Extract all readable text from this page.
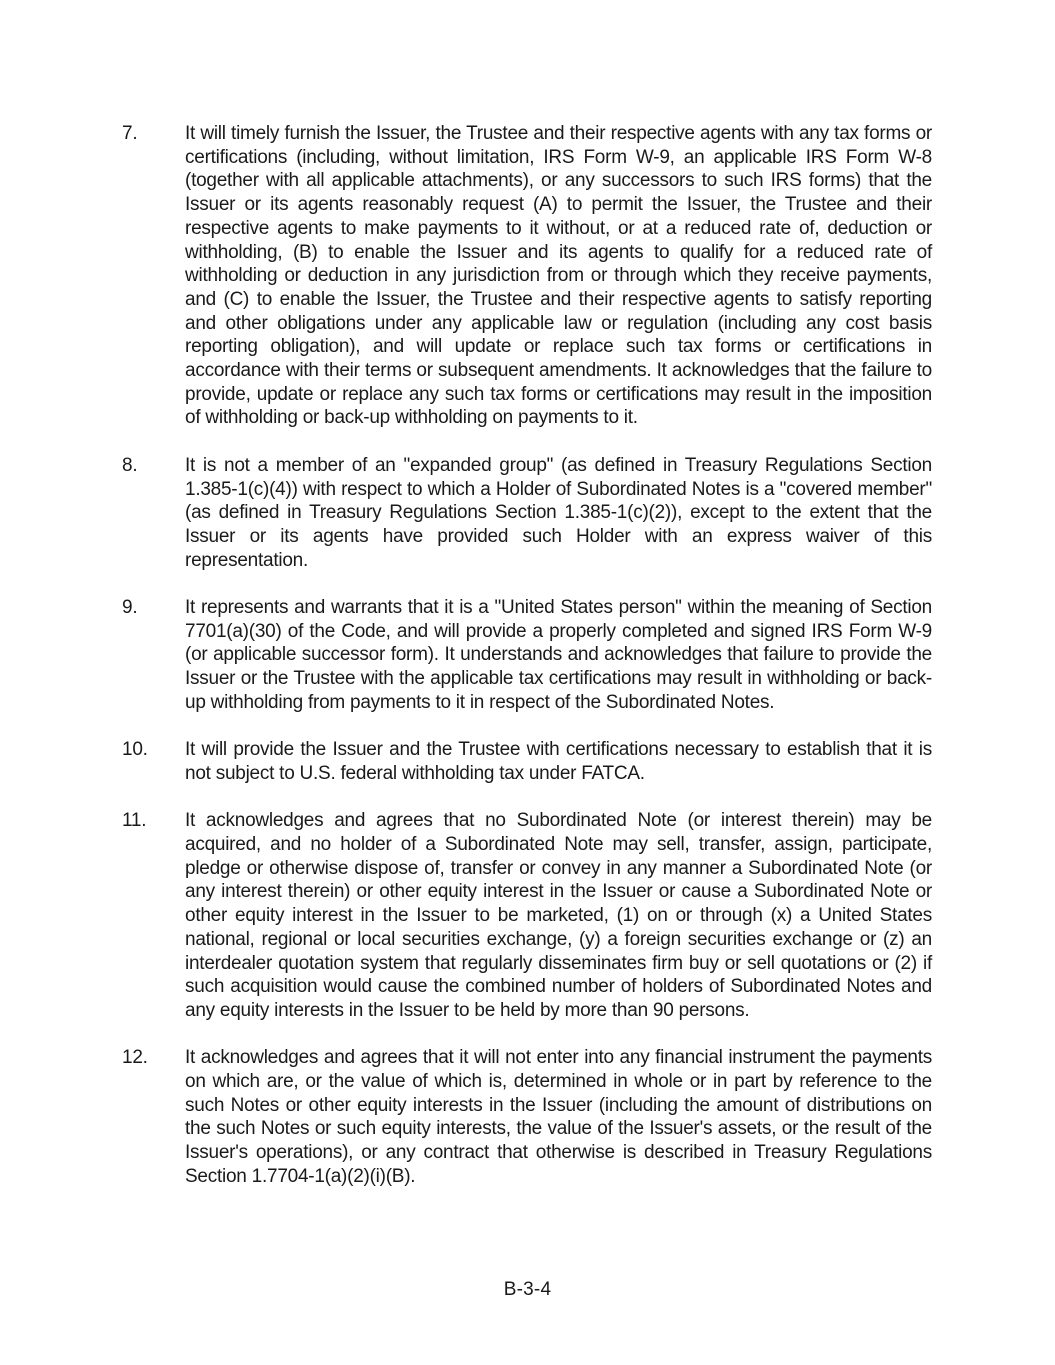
7.	It will timely furnish the Issuer, the Trustee and their respective agents with any tax forms or certifications (including, without limitation, IRS Form W-9, an applicable IRS Form W-8 (together with all applicable attachments), or any successors to such IRS forms) that the Issuer or its agents reasonably request (A) to permit the Issuer, the Trustee and their respective agents to make payments to it without, or at a reduced rate of, deduction or withholding, (B) to enable the Issuer and its agents to qualify for a reduced rate of withholding or deduction in any jurisdiction from or through which they receive payments, and (C) to enable the Issuer, the Trustee and their respective agents to satisfy reporting and other obligations under any applicable law or regulation (including any cost basis reporting obligation), and will update or replace such tax forms or certifications in accordance with their terms or subsequent amendments. It acknowledges that the failure to provide, update or replace any such tax forms or certifications may result in the imposition of withholding or back-up withholding on payments to it.
8.	It is not a member of an "expanded group" (as defined in Treasury Regulations Section 1.385-1(c)(4)) with respect to which a Holder of Subordinated Notes is a "covered member" (as defined in Treasury Regulations Section 1.385-1(c)(2)), except to the extent that the Issuer or its agents have provided such Holder with an express waiver of this representation.
9.	It represents and warrants that it is a "United States person" within the meaning of Section 7701(a)(30) of the Code, and will provide a properly completed and signed IRS Form W-9 (or applicable successor form). It understands and acknowledges that failure to provide the Issuer or the Trustee with the applicable tax certifications may result in withholding or back-up withholding from payments to it in respect of the Subordinated Notes.
10. It will provide the Issuer and the Trustee with certifications necessary to establish that it is not subject to U.S. federal withholding tax under FATCA.
11. It acknowledges and agrees that no Subordinated Note (or interest therein) may be acquired, and no holder of a Subordinated Note may sell, transfer, assign, participate, pledge or otherwise dispose of, transfer or convey in any manner a Subordinated Note (or any interest therein) or other equity interest in the Issuer or cause a Subordinated Note or other equity interest in the Issuer to be marketed, (1) on or through (x) a United States national, regional or local securities exchange, (y) a foreign securities exchange or (z) an interdealer quotation system that regularly disseminates firm buy or sell quotations or (2) if such acquisition would cause the combined number of holders of Subordinated Notes and any equity interests in the Issuer to be held by more than 90 persons.
12. It acknowledges and agrees that it will not enter into any financial instrument the payments on which are, or the value of which is, determined in whole or in part by reference to the such Notes or other equity interests in the Issuer (including the amount of distributions on the such Notes or such equity interests, the value of the Issuer's assets, or the result of the Issuer's operations), or any contract that otherwise is described in Treasury Regulations Section 1.7704-1(a)(2)(i)(B).
B-3-4
